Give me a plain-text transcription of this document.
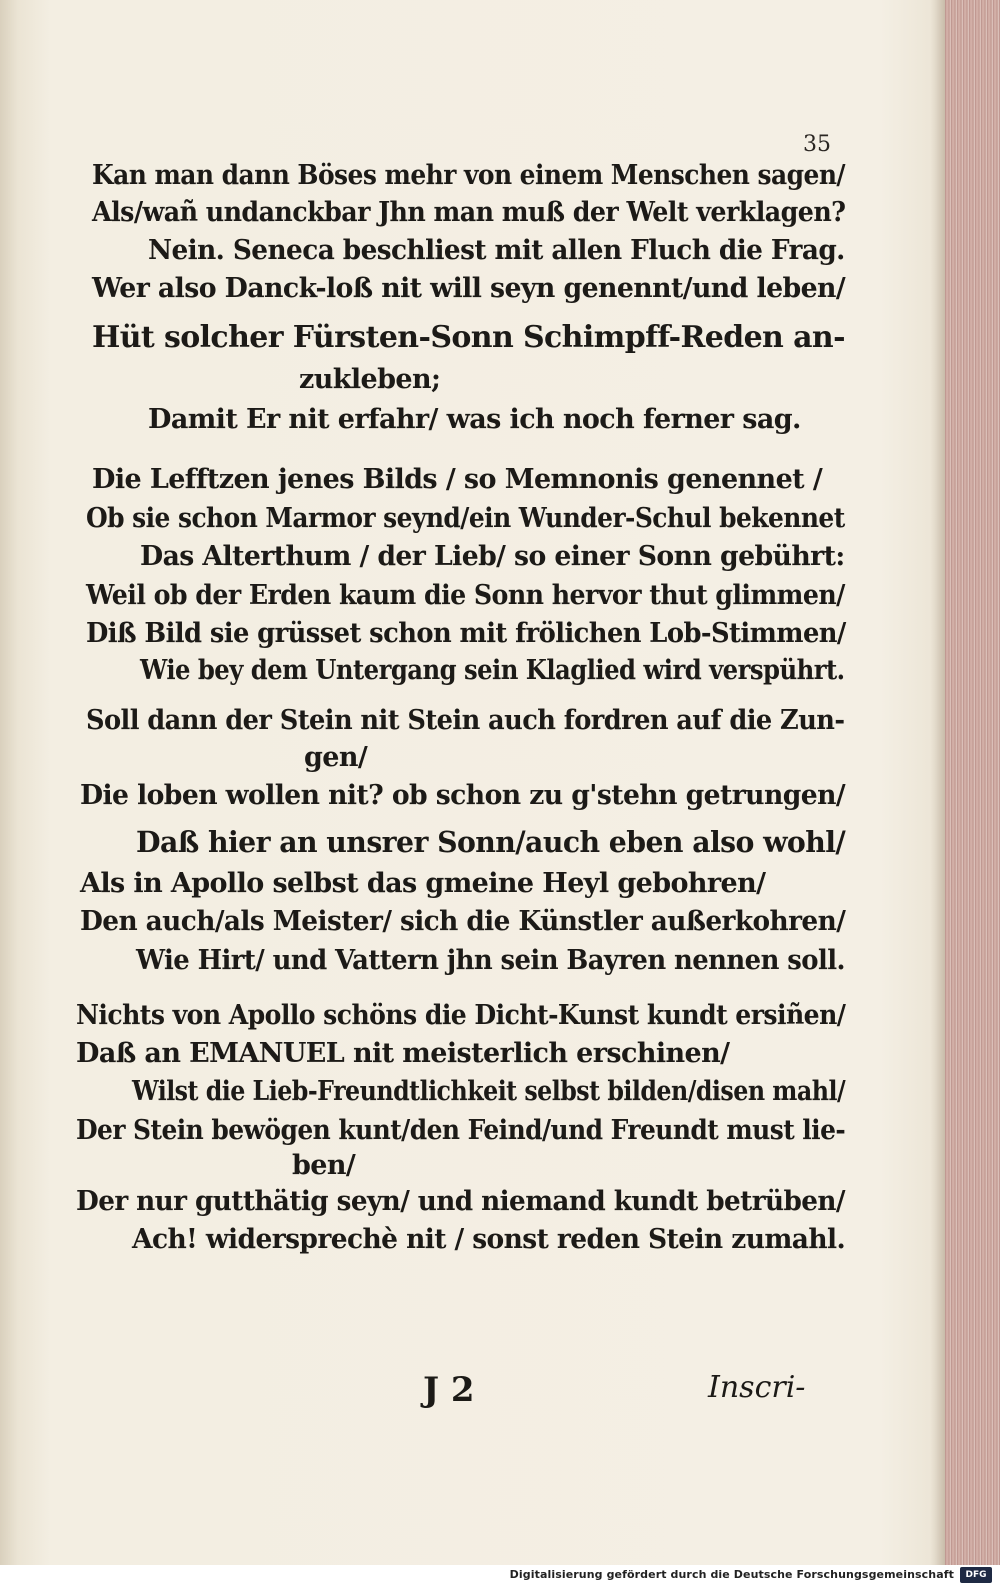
35
Kan man dann Böses mehr von einem Menschen sagen/
Als/wañ undanckbar Jhn man muß der Welt verklagen?
Nein. Seneca beschliest mit allen Fluch die Frag.
Wer also Danck-loß nit will seyn genennt/und leben/
Hüt solcher Fürsten-Sonn Schimpff-Reden an-
zukleben;
Damit Er nit erfahr/ was ich noch ferner sag.
Die Lefftzen jenes Bilds / so Memnonis genennet /
Ob sie schon Marmor seynd/ein Wunder-Schul bekennet
Das Alterthum / der Lieb/ so einer Sonn gebührt:
Weil ob der Erden kaum die Sonn hervor thut glimmen/
Diß Bild sie grüsset schon mit frölichen Lob-Stimmen/
Wie bey dem Untergang sein Klaglied wird verspührt.
Soll dann der Stein nit Stein auch fordren auf die Zun-
gen/
Die loben wollen nit? ob schon zu g'stehn getrungen/
Daß hier an unsrer Sonn/auch eben also wohl/
Als in Apollo selbst das gmeine Heyl gebohren/
Den auch/als Meister/ sich die Künstler außerkohren/
Wie Hirt/ und Vattern jhn sein Bayren nennen soll.
Nichts von Apollo schöns die Dicht-Kunst kundt ersiñen/
Daß an EMANUEL nit meisterlich erschinen/
Wilst die Lieb-Freundtlichkeit selbst bilden/disen mahl/
Der Stein bewögen kunt/den Feind/und Freundt must lie-
ben/
Der nur gutthätig seyn/ und niemand kundt betrüben/
Ach! widersprechè nit / sonst reden Stein zumahl.
J 2	Inscri-
Digitalisierung gefördert durch die Deutsche Forschungsgemeinschaft	DFG
